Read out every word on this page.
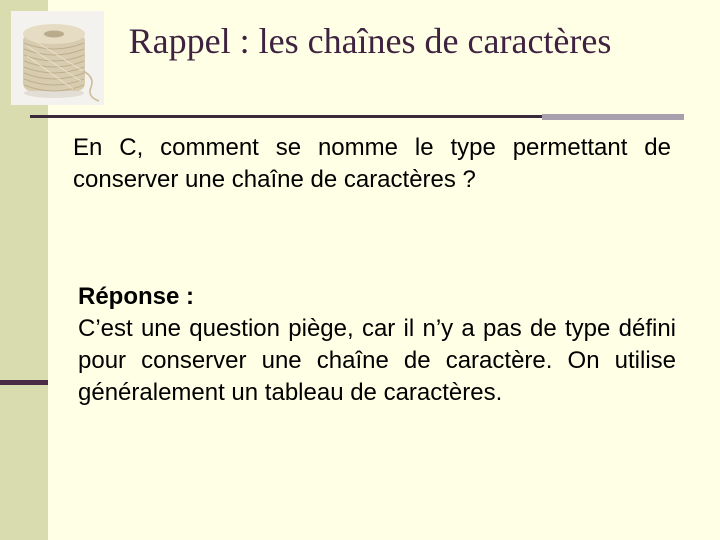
Rappel : les chaînes de caractères

En C, comment se nomme le type permettant de conserver une chaîne de caractères ?

Réponse :
C’est une question piège, car il n’y a pas de type défini pour conserver une chaîne de caractère. On utilise généralement un tableau de caractères.
